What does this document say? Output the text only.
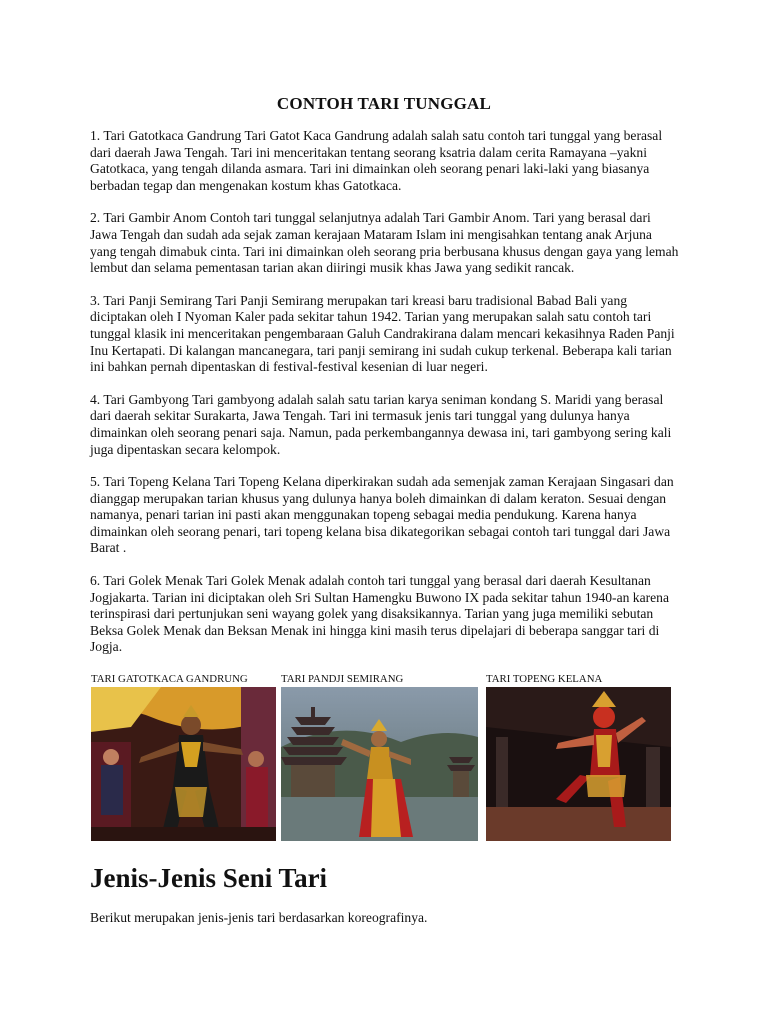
CONTOH TARI TUNGGAL

1. Tari Gatotkaca Gandrung Tari Gatot Kaca Gandrung adalah salah satu contoh tari tunggal yang berasal dari daerah Jawa Tengah. Tari ini menceritakan tentang seorang ksatria dalam cerita Ramayana –yakni Gatotkaca, yang tengah dilanda asmara. Tari ini dimainkan oleh seorang penari laki-laki yang biasanya berbadan tegap dan mengenakan kostum khas Gatotkaca.

2. Tari Gambir Anom Contoh tari tunggal selanjutnya adalah Tari Gambir Anom. Tari yang berasal dari Jawa Tengah dan sudah ada sejak zaman kerajaan Mataram Islam ini mengisahkan tentang anak Arjuna yang tengah dimabuk cinta. Tari ini dimainkan oleh seorang pria berbusana khusus dengan gaya yang lemah lembut dan selama pementasan tarian akan diiringi musik khas Jawa yang sedikit rancak.

3. Tari Panji Semirang Tari Panji Semirang merupakan tari kreasi baru tradisional Babad Bali yang diciptakan oleh I Nyoman Kaler pada sekitar tahun 1942. Tarian yang merupakan salah satu contoh tari tunggal klasik ini menceritakan pengembaraan Galuh Candrakirana dalam mencari kekasihnya Raden Panji Inu Kertapati. Di kalangan mancanegara, tari panji semirang ini sudah cukup terkenal. Beberapa kali tarian ini bahkan pernah dipentaskan di festival-festival kesenian di luar negeri.

4. Tari Gambyong Tari gambyong adalah salah satu tarian karya seniman kondang S. Maridi yang berasal dari daerah sekitar Surakarta, Jawa Tengah. Tari ini termasuk jenis tari tunggal yang dulunya hanya dimainkan oleh seorang penari saja. Namun, pada perkembangannya dewasa ini, tari gambyong sering kali juga dipentaskan secara kelompok.

5. Tari Topeng Kelana Tari Topeng Kelana diperkirakan sudah ada semenjak zaman Kerajaan Singasari dan dianggap merupakan tarian khusus yang dulunya hanya boleh dimainkan di dalam keraton. Sesuai dengan namanya, penari tarian ini pasti akan menggunakan topeng sebagai media pendukung. Karena hanya dimainkan oleh seorang penari, tari topeng kelana bisa dikategorikan sebagai contoh tari tunggal dari Jawa Barat .

6. Tari Golek Menak Tari Golek Menak adalah contoh tari tunggal yang berasal dari daerah Kesultanan Jogjakarta. Tarian ini diciptakan oleh Sri Sultan Hamengku Buwono IX pada sekitar tahun 1940-an karena terinspirasi dari pertunjukan seni wayang golek yang disaksikannya. Tarian yang juga memiliki sebutan Beksa Golek Menak dan Beksan Menak ini hingga kini masih terus dipelajari di beberapa sanggar tari di Jogja.

TARI GATOTKACA GANDRUNG	TARI PANDJI SEMIRANG	TARI TOPENG KELANA
Jenis-Jenis Seni Tari

Berikut merupakan jenis-jenis tari berdasarkan koreografinya.
